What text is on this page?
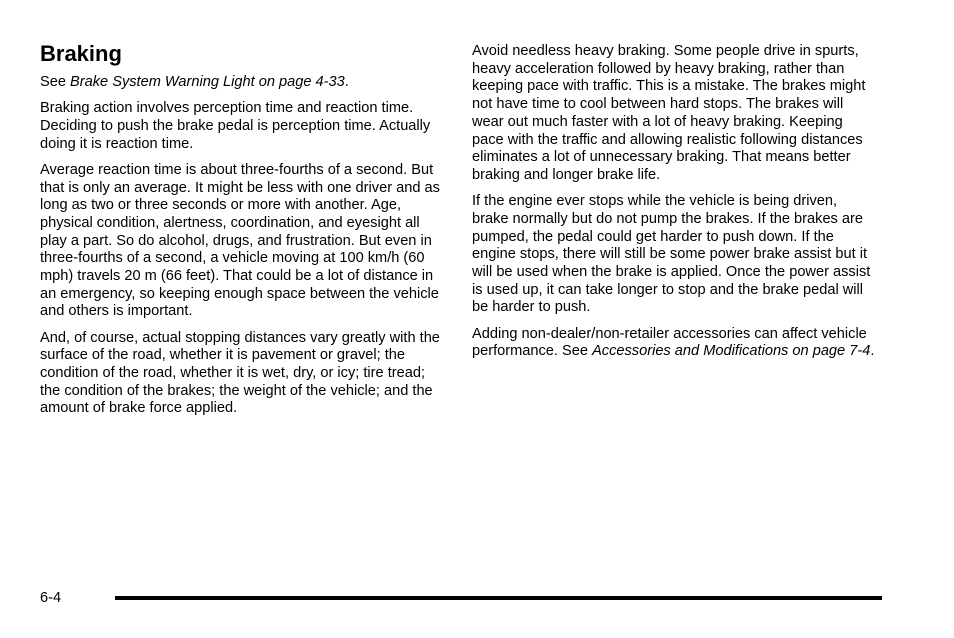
Braking

See Brake System Warning Light on page 4-33.

Braking action involves perception time and reaction time. Deciding to push the brake pedal is perception time. Actually doing it is reaction time.

Average reaction time is about three-fourths of a second. But that is only an average. It might be less with one driver and as long as two or three seconds or more with another. Age, physical condition, alertness, coordination, and eyesight all play a part. So do alcohol, drugs, and frustration. But even in three-fourths of a second, a vehicle moving at 100 km/h (60 mph) travels 20 m (66 feet). That could be a lot of distance in an emergency, so keeping enough space between the vehicle and others is important.

And, of course, actual stopping distances vary greatly with the surface of the road, whether it is pavement or gravel; the condition of the road, whether it is wet, dry, or icy; tire tread; the condition of the brakes; the weight of the vehicle; and the amount of brake force applied.

Avoid needless heavy braking. Some people drive in spurts, heavy acceleration followed by heavy braking, rather than keeping pace with traffic. This is a mistake. The brakes might not have time to cool between hard stops. The brakes will wear out much faster with a lot of heavy braking. Keeping pace with the traffic and allowing realistic following distances eliminates a lot of unnecessary braking. That means better braking and longer brake life.

If the engine ever stops while the vehicle is being driven, brake normally but do not pump the brakes. If the brakes are pumped, the pedal could get harder to push down. If the engine stops, there will still be some power brake assist but it will be used when the brake is applied. Once the power assist is used up, it can take longer to stop and the brake pedal will be harder to push.

Adding non-dealer/non-retailer accessories can affect vehicle performance. See Accessories and Modifications on page 7-4.

6-4
